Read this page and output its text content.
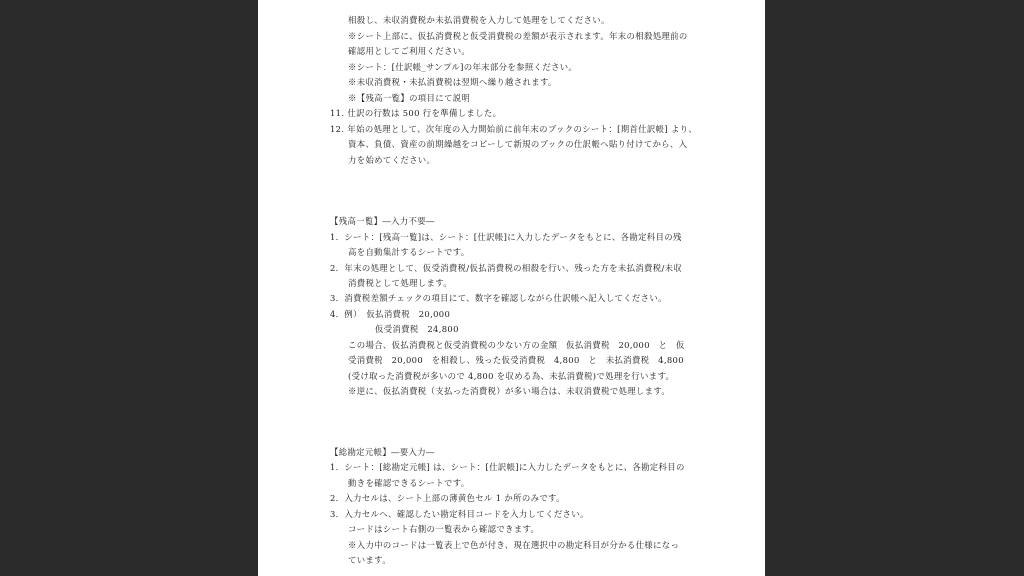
相殺し、未収消費税か未払消費税を入力して処理をしてください。
※シート上部に、仮払消費税と仮受消費税の差額が表示されます。年末の相殺処理前の
確認用としてご利用ください。
※シート：[仕訳帳_サンプル]の年末部分を参照ください。
※未収消費税・未払消費税は翌期へ繰り越されます。
※【残高一覧】の項目にて説明
11. 仕訳の行数は 500 行を準備しました。
12. 年始の処理として、次年度の入力開始前に前年末のブックのシート：[期首仕訳帳] より、
資本、負債、資産の前期繰越をコピーして新規のブックの仕訳帳へ貼り付けてから、入
力を始めてください。
【残高一覧】―入力不要―
1．シート：[残高一覧]は、シート：[仕訳帳]に入力したデータをもとに、各勘定科目の残
高を自動集計するシートです。
2．年末の処理として、仮受消費税/仮払消費税の相殺を行い、残った方を未払消費税/未収
消費税として処理します。
3．消費税差額チェックの項目にて、数字を確認しながら仕訳帳へ記入してください。
4．例）　仮払消費税　20,000
仮受消費税　24,800
この場合、仮払消費税と仮受消費税の少ない方の金額　仮払消費税　20,000　と　仮
受消費税　20,000　を相殺し、残った仮受消費税　4,800　と　未払消費税　4,800
(受け取った消費税が多いので 4,800 を収める為、未払消費税)で処理を行います。
※逆に、仮払消費税（支払った消費税）が多い場合は、未収消費税で処理します。
【総勘定元帳】―要入力―
1．シート：[総勘定元帳] は、シート：[仕訳帳]に入力したデータをもとに、各勘定科目の
動きを確認できるシートです。
2．入力セルは、シート上部の薄黄色セル 1 か所のみです。
3．入力セルへ、確認したい勘定科目コードを入力してください。
コードはシート右側の一覧表から確認できます。
※入力中のコードは一覧表上で色が付き、現在選択中の勘定科目が分かる仕様になっ
ています。
